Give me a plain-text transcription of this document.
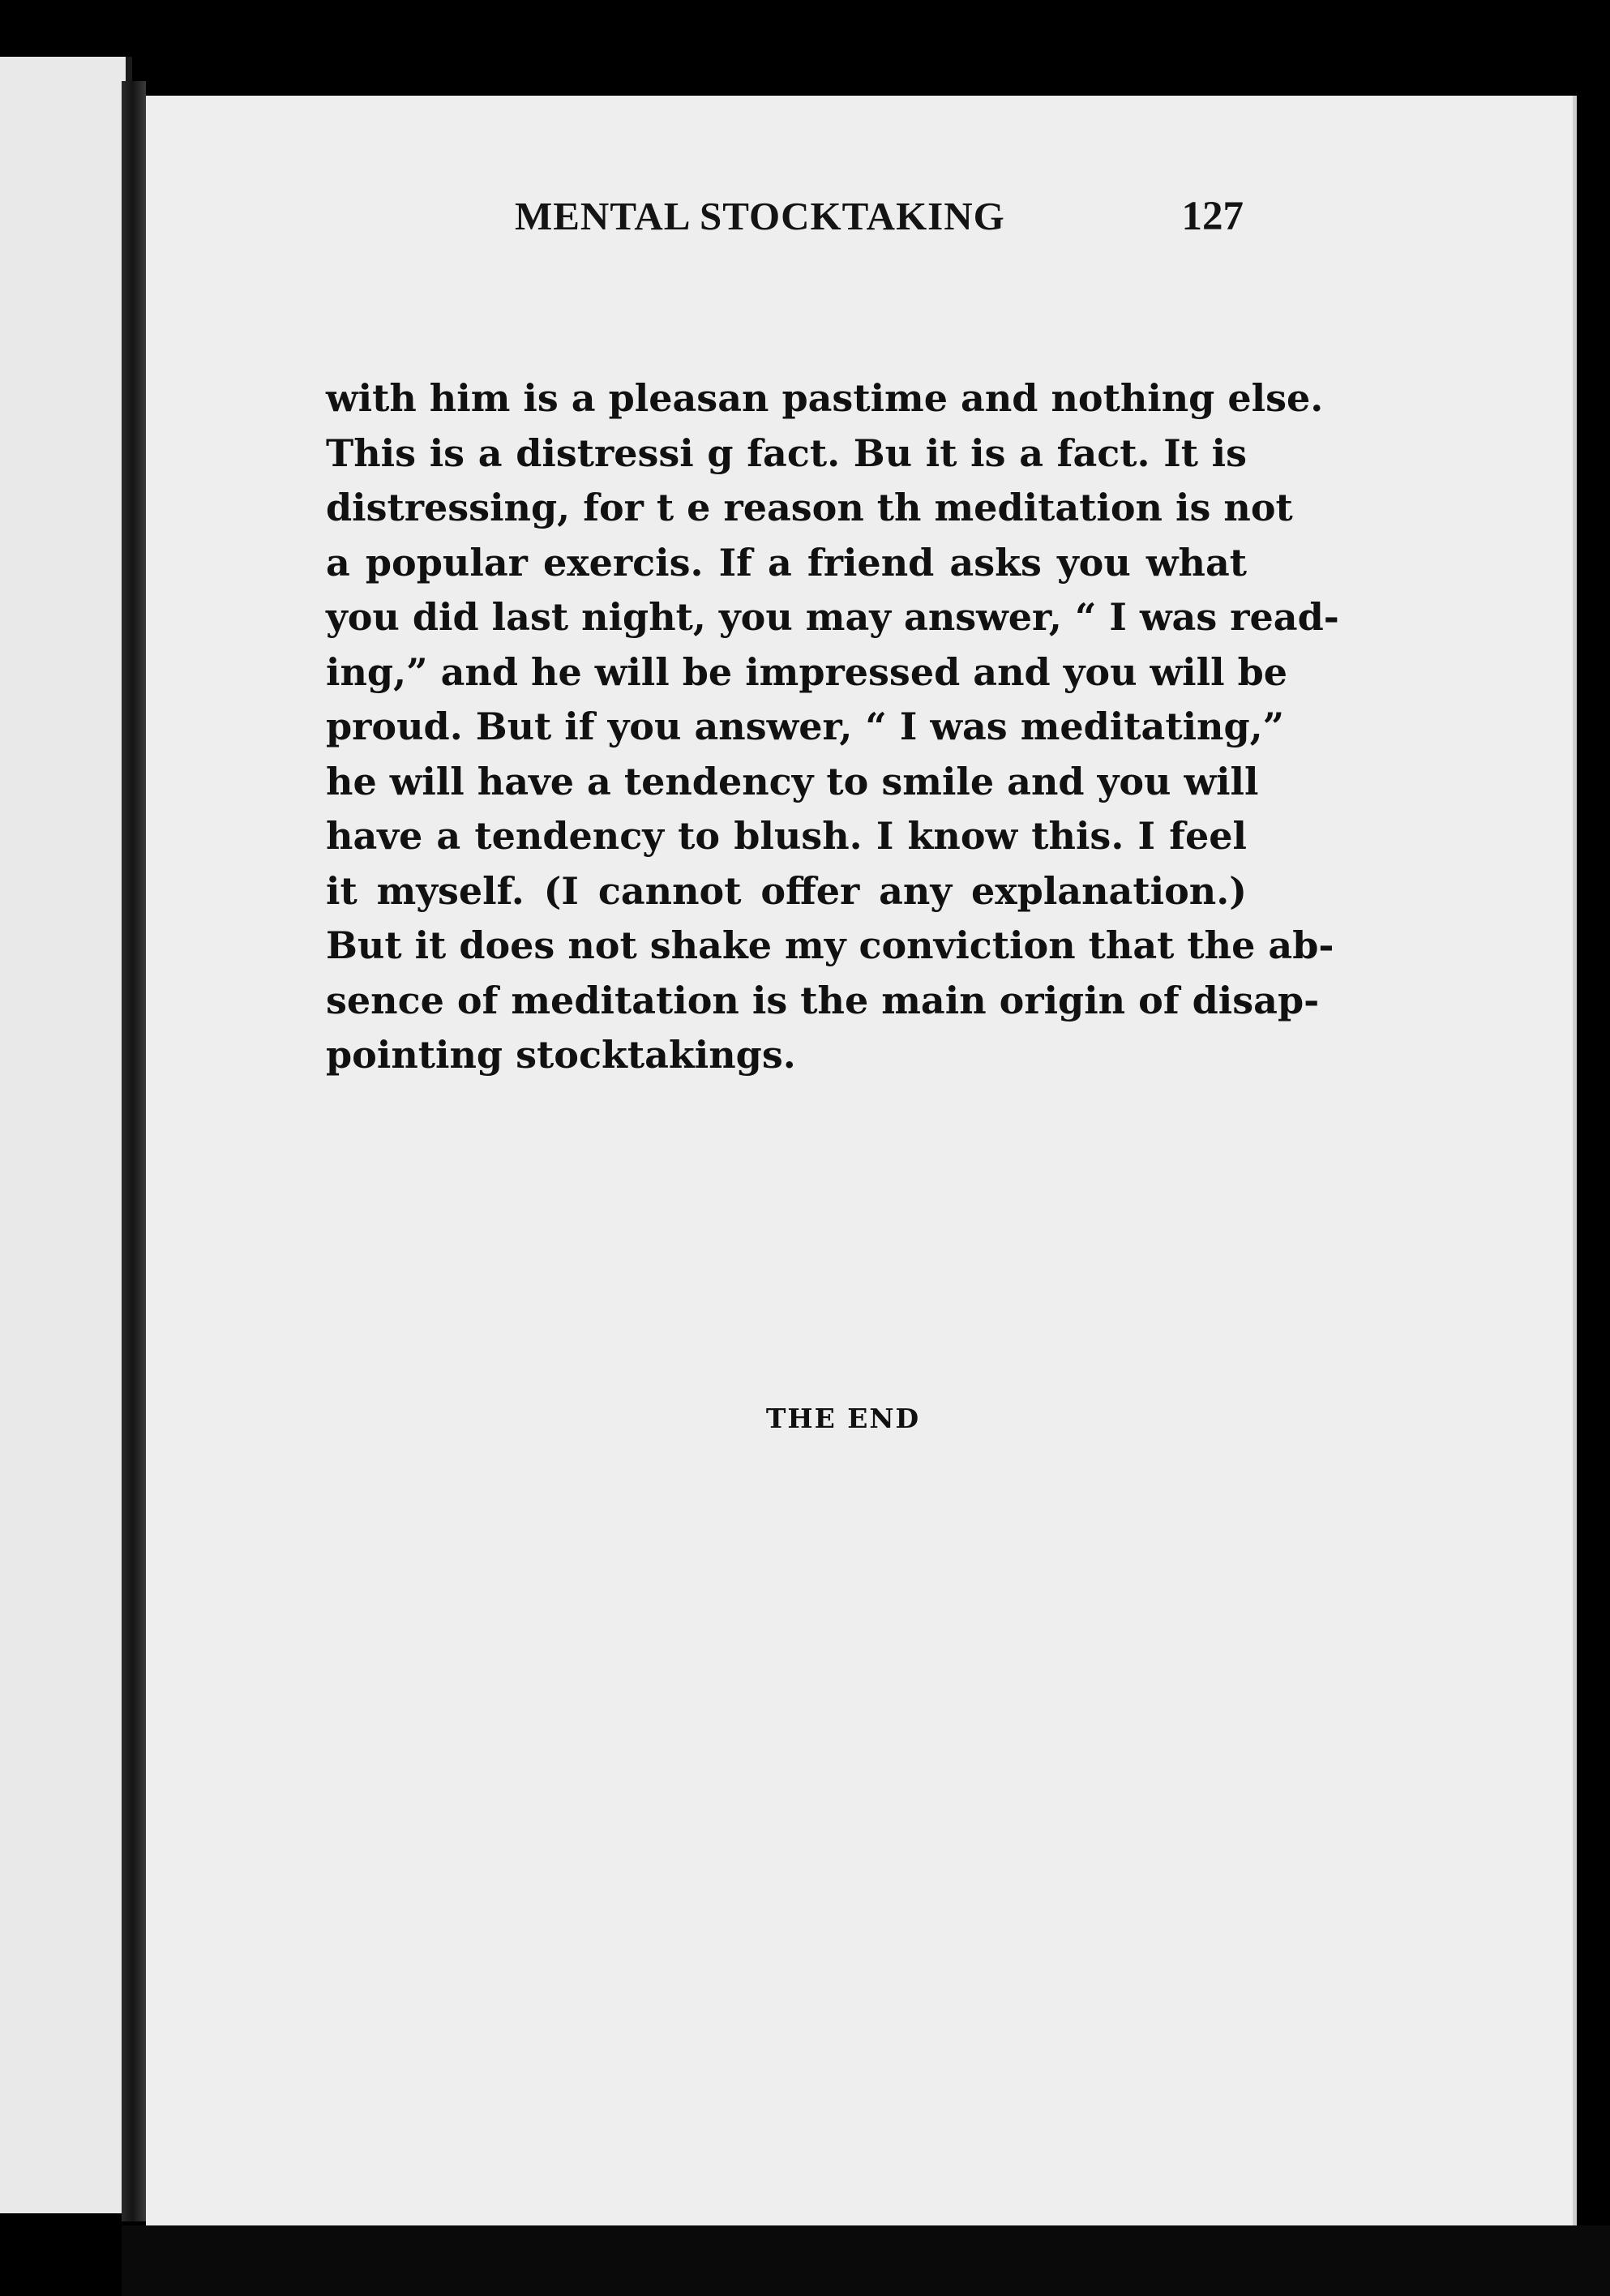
MENTAL STOCKTAKING	127
with him is a pleasan⁠ pastime and nothing else.
This is a distressi⁠ g fact. Bu⁠ it is a fact. It is
distressing, for t⁠ e reason th⁠ meditation is not
a popular exercis⁠. If a friend asks you what
you did last night, you may answer, “ I was read-
ing,” and he will be impressed and you will be
proud. But if you answer, “ I was meditating,”
he will have a tendency to smile and you will
have a tendency to blush. I know this. I feel
it myself. (I cannot offer any explanation.)
But it does not shake my conviction that the ab-
sence of meditation is the main origin of disap-
pointing stocktakings.
THE END
